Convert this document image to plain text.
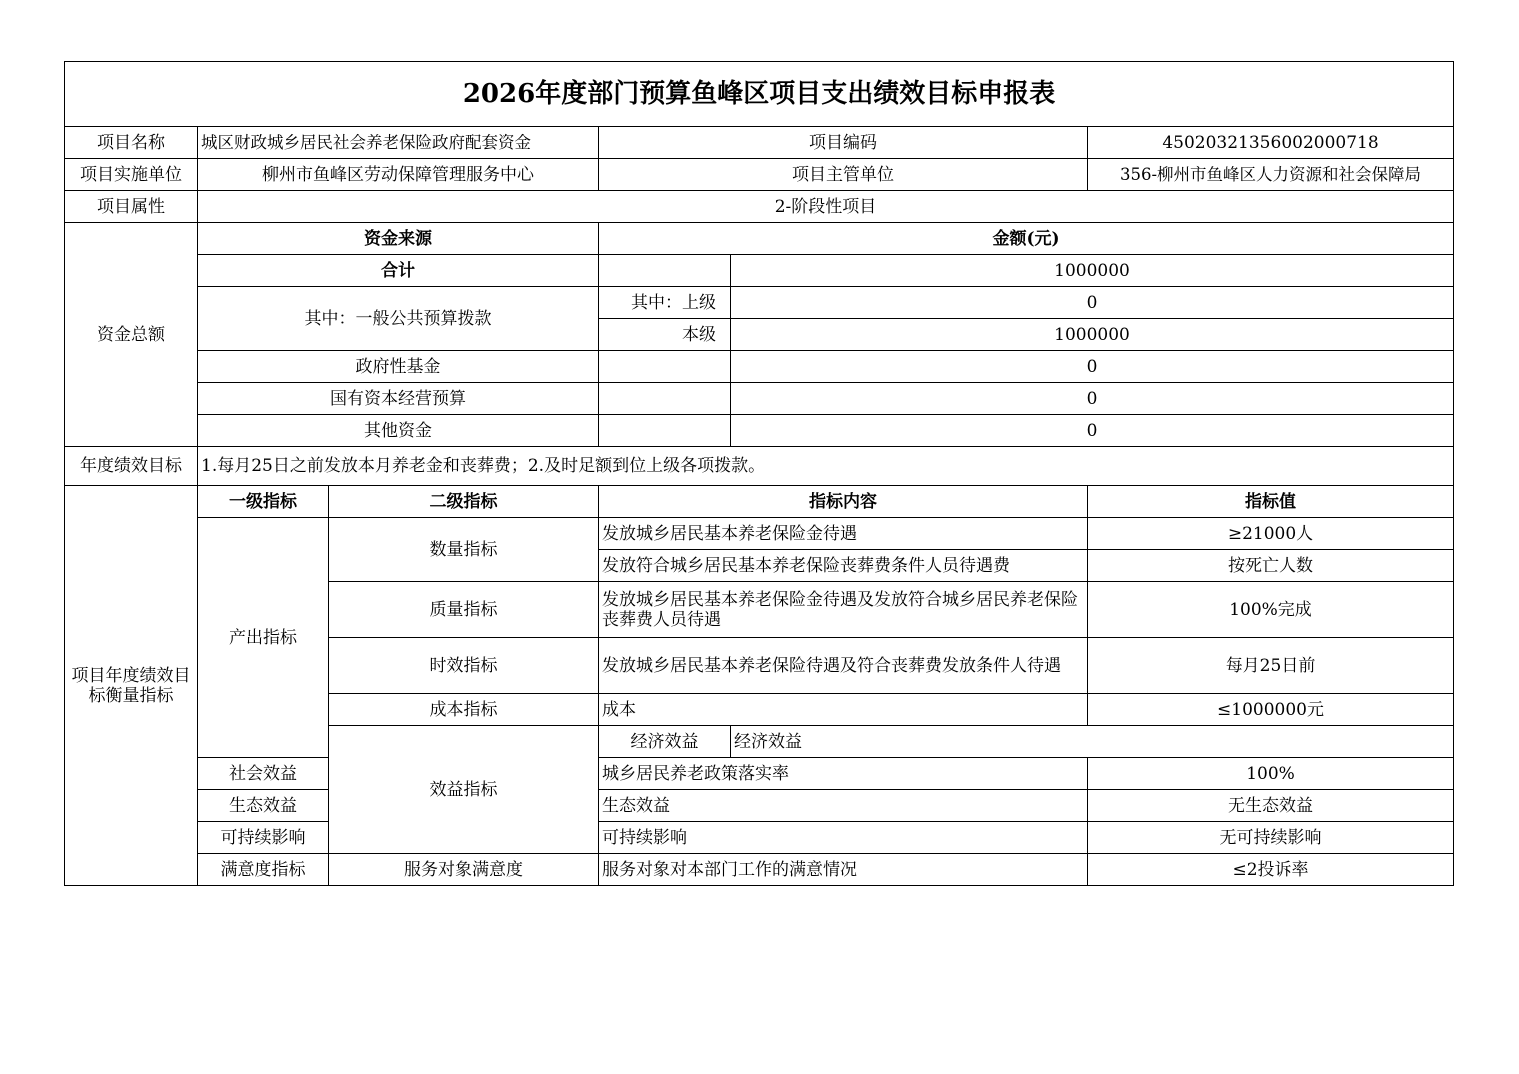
2026年度部门预算鱼峰区项目支出绩效目标申报表						
项目名称	城区财政城乡居民社会养老保险政府配套资金		项目编码		45020321356002000718	
项目实施单位	柳州市鱼峰区劳动保障管理服务中心		项目主管单位		356-柳州市鱼峰区人力资源和社会保障局	
项目属性	2-阶段性项目					
资金总额	资金来源		金额(元)			
	合计			1000000		
	其中：一般公共预算拨款		其中：上级	0		
			本级	1000000		
	政府性基金			0		
	国有资本经营预算			0		
	其他资金			0		
年度绩效目标	1.每月25日之前发放本月养老金和丧葬费；2.及时足额到位上级各项拨款。					
项目年度绩效目标衡量指标	一级指标	二级指标	指标内容		指标值	
	产出指标	数量指标	发放城乡居民基本养老保险金待遇		≥21000人	
			发放符合城乡居民基本养老保险丧葬费条件人员待遇费		按死亡人数	
		质量指标	发放城乡居民基本养老保险金待遇及发放符合城乡居民养老保险丧葬费人员待遇		100%完成	
		时效指标	发放城乡居民基本养老保险待遇及符合丧葬费发放条件人待遇		每月25日前	
		成本指标	成本		≤1000000元	
		效益指标	经济效益	经济效益	
	社会效益		城乡居民养老政策落实率		100%	
	生态效益		生态效益		无生态效益	
	可持续影响		可持续影响		无可持续影响	
	满意度指标	服务对象满意度	服务对象对本部门工作的满意情况		≤2投诉率	
